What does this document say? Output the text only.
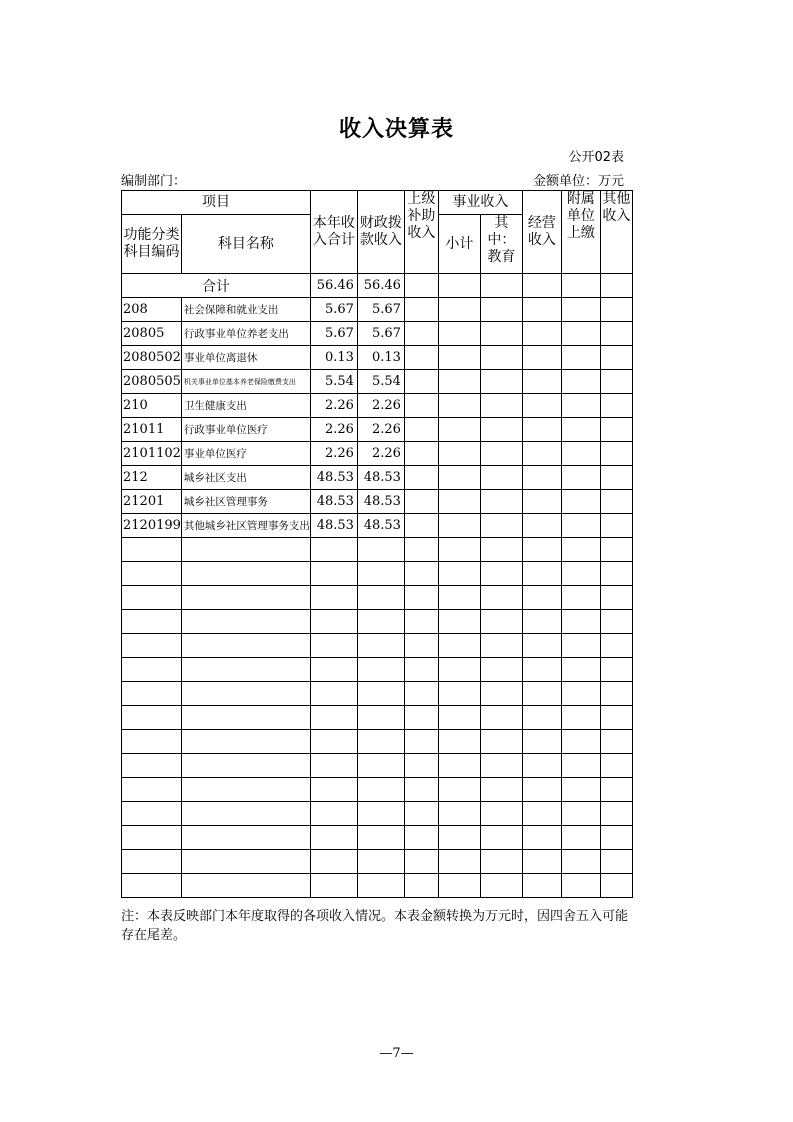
收入决算表
公开02表
编制部门：	金额单位：万元
项目		本年收入合计	财政拨款收入	上级补助收入	事业收入		经营收入	附属单位上缴	其他收入
功能分类科目编码	科目名称				小计	其中：教育			
合计		56.46	56.46						
208	社会保障和就业支出	5.67	5.67						
20805	行政事业单位养老支出	5.67	5.67						
2080502	事业单位离退休	0.13	0.13						
2080505	机关事业单位基本养老保险缴费支出	5.54	5.54						
210	卫生健康支出	2.26	2.26						
21011	行政事业单位医疗	2.26	2.26						
2101102	事业单位医疗	2.26	2.26						
212	城乡社区支出	48.53	48.53						
21201	城乡社区管理事务	48.53	48.53						
2120199	其他城乡社区管理事务支出	48.53	48.53						

注：本表反映部门本年度取得的各项收入情况。本表金额转换为万元时，因四舍五入可能存在尾差。
—7—
